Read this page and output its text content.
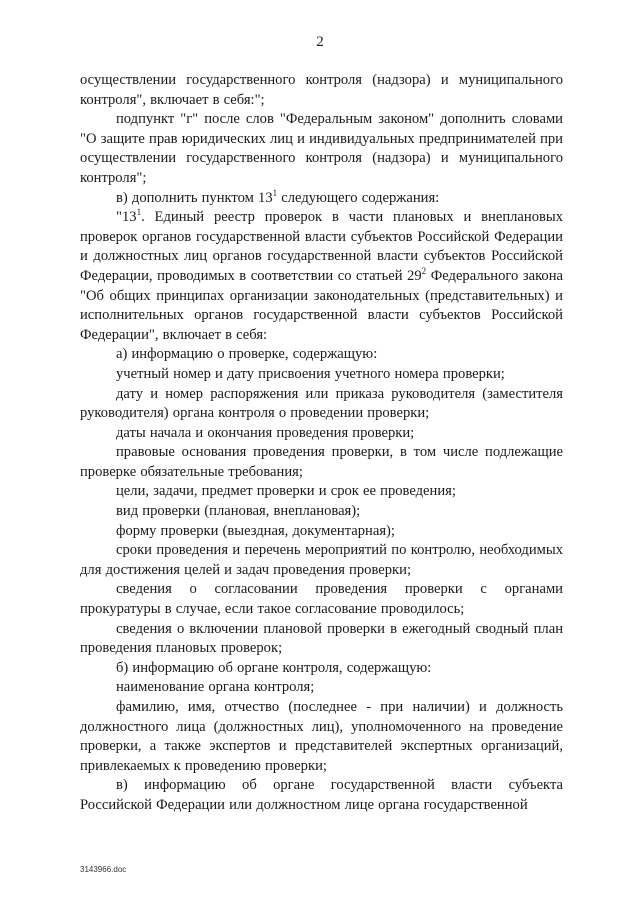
2

осуществлении государственного контроля (надзора) и муниципального контроля", включает в себя:";

подпункт "г" после слов "Федеральным законом" дополнить словами "О защите прав юридических лиц и индивидуальных предпринимателей при осуществлении государственного контроля (надзора) и муниципального контроля";

в) дополнить пунктом $13^1$ следующего содержания:

"$13^1$. Единый реестр проверок в части плановых и внеплановых проверок органов государственной власти субъектов Российской Федерации и должностных лиц органов государственной власти субъектов Российской Федерации, проводимых в соответствии со статьей $29^2$ Федерального закона "Об общих принципах организации законодательных (представительных) и исполнительных органов государственной власти субъектов Российской Федерации", включает в себя:

а) информацию о проверке, содержащую:

учетный номер и дату присвоения учетного номера проверки;

дату и номер распоряжения или приказа руководителя (заместителя руководителя) органа контроля о проведении проверки;

даты начала и окончания проведения проверки;

правовые основания проведения проверки, в том числе подлежащие проверке обязательные требования;

цели, задачи, предмет проверки и срок ее проведения;

вид проверки (плановая, внеплановая);

форму проверки (выездная, документарная);

сроки проведения и перечень мероприятий по контролю, необходимых для достижения целей и задач проведения проверки;

сведения о согласовании проведения проверки с органами прокуратуры в случае, если такое согласование проводилось;

сведения о включении плановой проверки в ежегодный сводный план проведения плановых проверок;

б) информацию об органе контроля, содержащую:

наименование органа контроля;

фамилию, имя, отчество (последнее - при наличии) и должность должностного лица (должностных лиц), уполномоченного на проведение проверки, а также экспертов и представителей экспертных организаций, привлекаемых к проведению проверки;

в) информацию об органе государственной власти субъекта Российской Федерации или должностном лице органа государственной

3143966.doc
